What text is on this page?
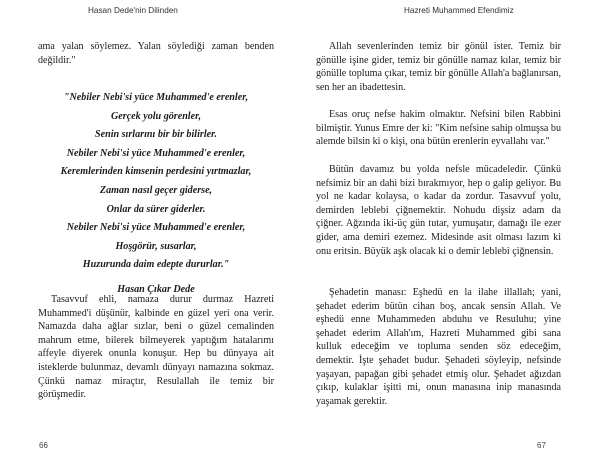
Hasan Dede'nin Dilinden

ama yalan söylemez. Yalan söylediği zaman benden değildir."

"Nebiler Nebi'si yüce Muhammed'e erenler,
Gerçek yolu görenler,
Senin sırlarını bir bir bilirler.
Nebiler Nebi'si yüce Muhammed'e erenler,
Keremlerinden kimsenin perdesini yırtmazlar,
Zaman nasıl geçer giderse,
Onlar da sürer giderler.
Nebiler Nebi'si yüce Muhammed'e erenler,
Hoşgörür, susarlar,
Huzurunda daim edepte dururlar."
Hasan Çıkar Dede

Tasavvuf ehli, namaza durur durmaz Hazreti Muhammed'i düşünür, kalbinde en güzel yeri ona verir. Namazda daha ağlar sızlar, beni o güzel cemalinden mahrum etme, bilerek bilmeyerek yaptığım hatalarımı affeyle diyerek onunla konuşur. Hep bu dünyaya ait isteklerde bulunmaz, devamlı dünyayı namazına sokmaz. Çünkü namaz miraçtır, Resulallah ile temiz bir görüşmedir.

66
Hazreti Muhammed Efendimiz

Allah sevenlerinden temiz bir gönül ister. Temiz bir gönülle işine gider, temiz bir gönülle namaz kılar, temiz bir gönülle topluma çıkar, temiz bir gönülle Allah'a bağlanırsan, sen her an ibadettesin.

Esas oruç nefse hakim olmaktır. Nefsini bilen Rabbini bilmiştir. Yunus Emre der ki: "Kim nefsine sahip olmuşsa bu alemde bilsin ki o kişi, ona bütün erenlerin eyvallahı var."

Bütün davamız bu yolda nefsle mücadeledir. Çünkü nefsimiz bir an dahi bizi bırakmıyor, hep o galip geliyor. Bu yol ne kadar kolaysa, o kadar da zordur. Tasavvuf yolu, demirden leblebi çiğnemektir. Nohudu dişsiz adam da çiğner. Ağzında iki-üç gün tutar, yumuşatır, damağı ile ezer gider, ama demiri ezemez. Midesinde asit olması lazım ki onu eritsin. Büyük aşk olacak ki o demir leblebi çiğnensin.

Şehadetin manası: Eşhedü en la ilahe illallah; yani, şehadet ederim bütün cihan boş, ancak sensin Allah. Ve eşhedü enne Muhammeden abduhu ve Resuluhu; yine şehadet ederim Allah'ım, Hazreti Muhammed gibi sana kulluk edeceğim ve topluma senden söz edeceğim, demektir. İşte şehadet budur. Şehadeti söyleyip, nefsinde yaşayan, papağan gibi şehadet etmiş olur. Şehadet ağızdan çıkıp, kulaklar işitti mi, onun manasına inip manasında yaşamak gerektir.

67
